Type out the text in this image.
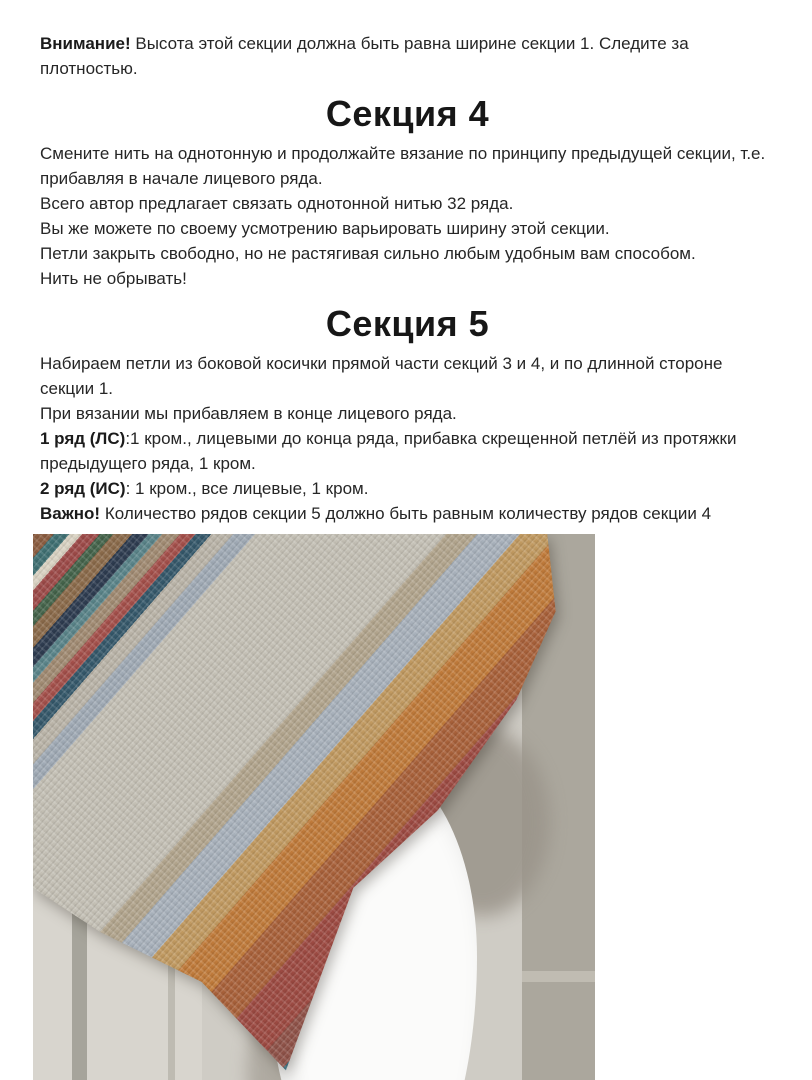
Внимание! Высота этой секции должна быть равна ширине секции 1. Следите за плотностью.

Секция 4
Смените нить на однотонную и продолжайте вязание по принципу предыдущей секции, т.е. прибавляя в начале лицевого ряда.
Всего автор предлагает связать однотонной нитью 32 ряда.
Вы же можете по своему усмотрению варьировать ширину этой секции.
Петли закрыть свободно, но не растягивая сильно любым удобным вам способом.
Нить не обрывать!
Секция 5
Набираем петли из боковой косички прямой части секций 3 и 4, и по длинной стороне секции 1.
При вязании мы прибавляем в конце лицевого ряда.
1 ряд (ЛС):1 кром., лицевыми до конца ряда, прибавка скрещенной петлёй из протяжки предыдущего ряда, 1 кром.
2 ряд (ИС): 1 кром., все лицевые, 1 кром.
Важно! Количество рядов секции 5 должно быть равным количеству рядов секции 4
